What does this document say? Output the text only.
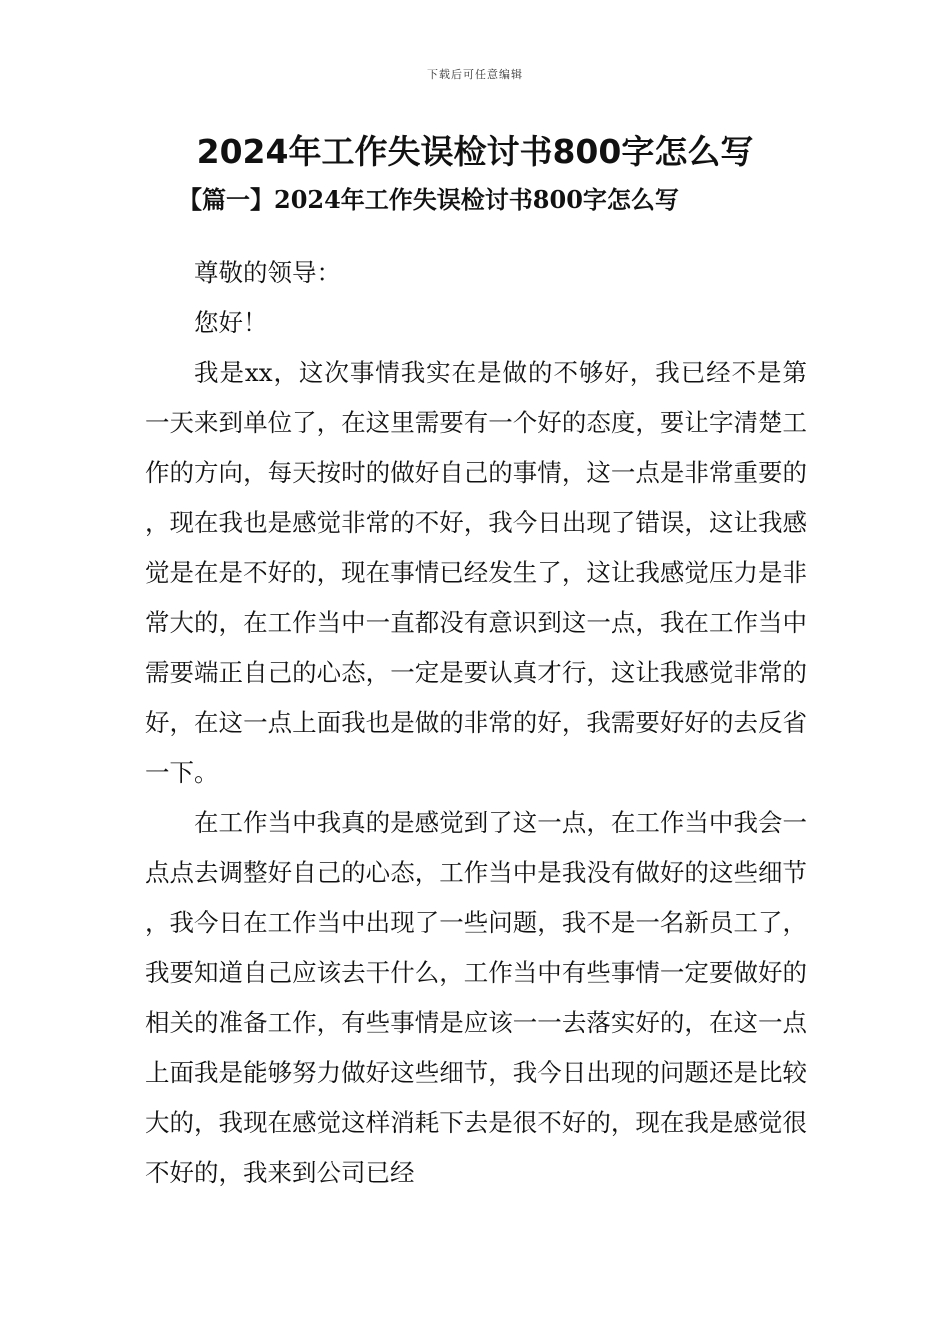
下载后可任意编辑
2024年工作失误检讨书800字怎么写
【篇一】2024年工作失误检讨书800字怎么写

尊敬的领导：

您好！

我是xx，这次事情我实在是做的不够好，我已经不是第一天来到单位了，在这里需要有一个好的态度，要让字清楚工作的方向，每天按时的做好自己的事情，这一点是非常重要的，现在我也是感觉非常的不好，我今日出现了错误，这让我感觉是在是不好的，现在事情已经发生了，这让我感觉压力是非常大的，在工作当中一直都没有意识到这一点，我在工作当中需要端正自己的心态，一定是要认真才行，这让我感觉非常的好，在这一点上面我也是做的非常的好，我需要好好的去反省一下。

在工作当中我真的是感觉到了这一点，在工作当中我会一点点去调整好自己的心态，工作当中是我没有做好的这些细节，我今日在工作当中出现了一些问题，我不是一名新员工了，我要知道自己应该去干什么，工作当中有些事情一定要做好的相关的准备工作，有些事情是应该一一去落实好的，在这一点上面我是能够努力做好这些细节，我今日出现的问题还是比较大的，我现在感觉这样消耗下去是很不好的，现在我是感觉很不好的，我来到公司已经
